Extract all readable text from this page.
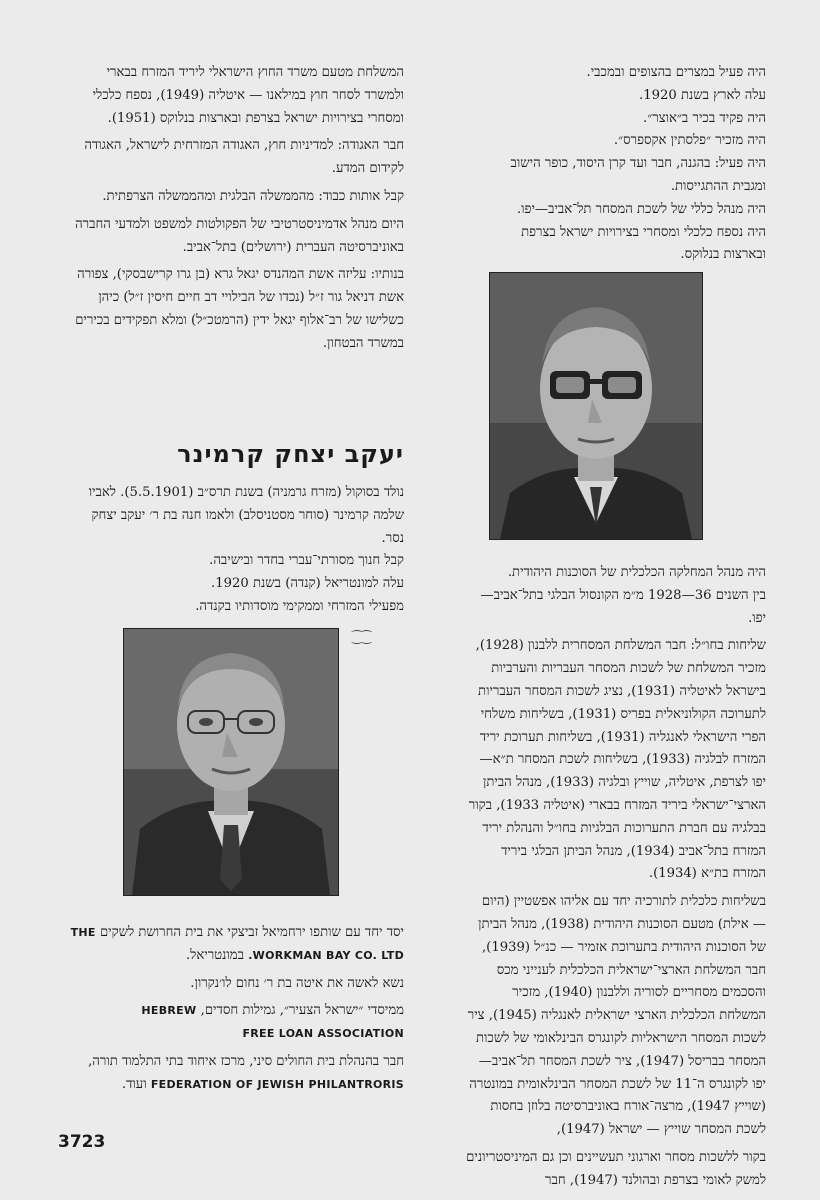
היה פעיל במצרים בהצופים ובמכבי.

עלה לארץ בשנת 1920.

היה פקיד בכיר ב״אוצר״.

היה מזכיר ״פלסתין אקספרס״.

היה פעיל: בהגנה, חבר ועד קרן היסוד, כופר הישוב ומגבית ההתגייסות.

היה מנהל כללי של לשכת המסחר תל־אביב—יפו.

היה נספח כלכלי ומסחרי בצירויות ישראל בצרפת ובארצות בנלוקס.

היה מנהל המחלקה הכלכלית של הסוכנות היהודית.

בין השנים 36—1928 מ״מ הקונסול הבלגי בתל־אביב—יפו.

שליחות בחו״ל: חבר המשלחת המסחרית ללבנון (1928), מזכיר המשלחת של לשכות המסחר העבריות והערביות בישראל לאיטליה (1931), נציג לשכות המסחר העבריות לתערוכה הקולוניאלית בפריס (1931), בשליחות משלחי הפרי הישראלי לאנגליה (1931), בשליחות תערוכת יריד המזרח לבלגיה (1933), בשליחות לשכת המסחר ת״א—יפו לצרפת, איטליה, שוייץ ובלגיה (1933), מנהל הביתן הארצי־ישראלי ביריד המזרח בבארי (איטליה 1933), בקור בבלגיה עם חברת התערוכות הבלגיות בחו״ל והנהלת יריד המזרח בתל־אביב (1934), מנהל הביתן הבלגי ביריד המזרח בת״א (1934).

בשליחות כלכלית לתורכיה יחד עם אליהו אפשטיין (היום — אילת) מטעם הסוכנות היהודית (1938), מנהל הביתן של הסוכנות היהודית בתערוכת אזמיר — כנ״ל (1939), חבר המשלחת הארצי־ישראלית הכלכלית לענייני מכס והסכמים מסחריים לסוריה וללבנון (1940), מזכיר המשלחת הכלכלית הארצי ישראלית לאנגליה (1945), ציר לשכות המסחר הישראליות לקונגרס הבינלאומי של לשכות המסחר בבריסל (1947), ציר לשכת המסחר תל־אביב—יפו לקונגרס ה־11 של לשכת המסחר הבינלאומית במונטרה (שוייץ 1947), מרצה־אורח באוניברסיטה בלוזן בחסות לשכת המסחר שוייץ — ישראל (1947),

בקור ללשכות מסחר וארגוני תעשיינים וכן גם המיניסטריונים למשק לאומי בצרפת ובהולנד (1947), חבר

המשלחת מטעם משרד החוץ הישראלי ליריד המזרח בבארי ולמשרד לסחר חוץ במילאנו — איטליה (1949), נספח כלכלי ומסחרי בצירויות ישראל בצרפת ובארצות בנלוקס (1951).

חבר האגודה: למדיניות חוץ, האגודה המזרחית לישראל, האגודה לקידום המדע.

קבל אותות כבוד: מהממשלה הבלגית ומהממשלה הצרפתית.

היום מנהל אדמיניסטרטיבי של הפקולטות למשפט ולמדעי החברה באוניברסיטה העברית (ירושלים) בתל־אביב.

בנותיו: עליזה אשת המהנדס יגאל גרא (בן גרו קרישבסקי), צפורה אשת דניאל גור ז״ל (נכדו של הבילויי דב חיים חיסין ז״ל) כיהן כשלישו של רב־אלוף יגאל ידין (הרמטכ״ל) ומלא תפקידים בכירים במשרד הבטחון.

יעקב יצחק קרמינר

נולד בסוקול (מזרח גרמניה) בשנת תרס״ב (5.5.1901). לאביו שלמה קרמינר (סוחר מסטניסלב) ולאמו חנה בת ר׳ יעקב יצחק נסר.

קבל חנוך מסורתי־עברי בחדר ובישיבה.

עלה למונטריאל (קנדה) בשנת 1920.

מפעילי המזרחי וממקימי מוסדותיו בקנדה.

⁐⁐

יסד יחד עם שותפו ירחמיאל זביצקי את בית החרושת לשקים THE WORKMAN BAY CO. LTD. במונטריאל.

נשא לאשה את איטה בת ר׳ נחום לו׳נקרון.

ממיסדי ״ישראל הצעיר״, גמילות חסדים, HEBREW
FREE LOAN ASSOCIATION

חבר בהנהלת בית החולים סיני, מרכז איחוד בתי התלמוד תורה, FEDERATION OF JEWISH PHILANTRORIS ועוד.

3723
